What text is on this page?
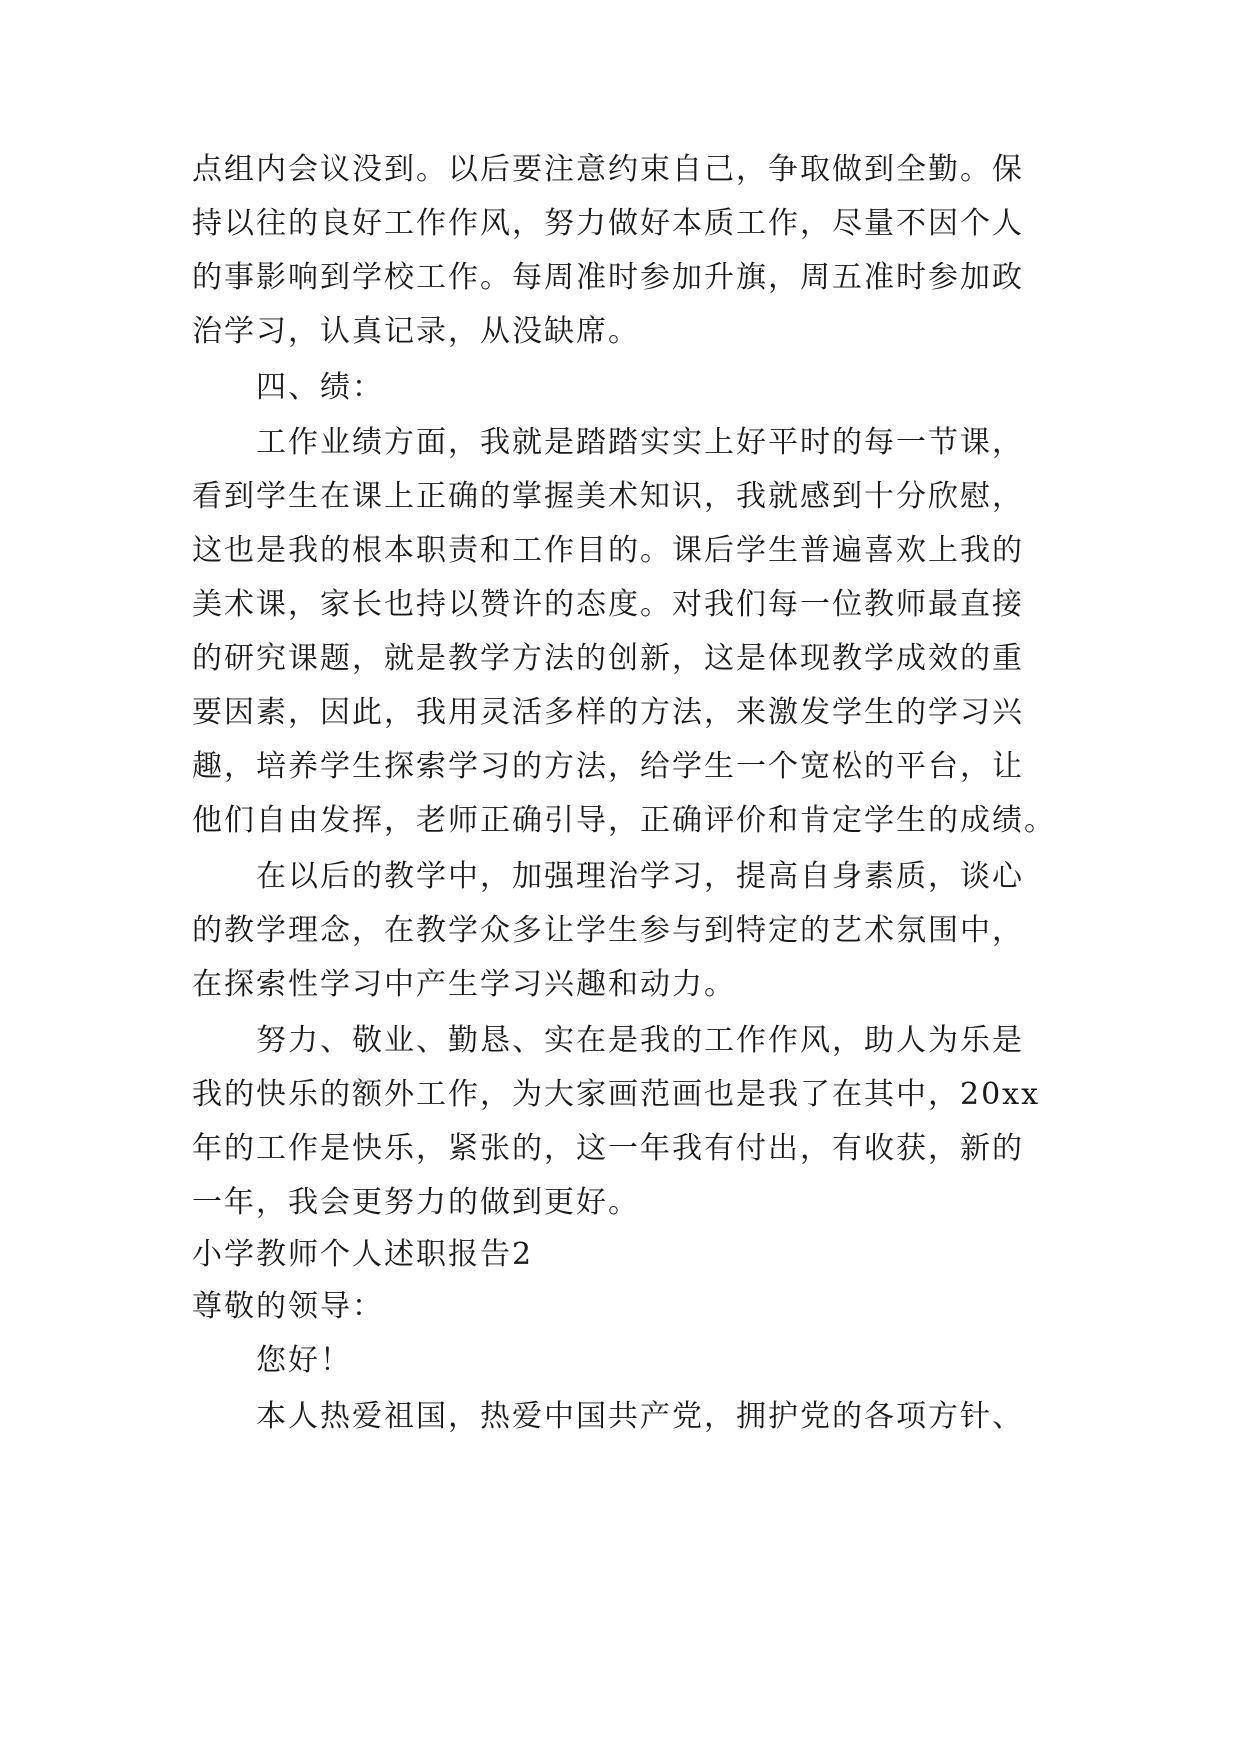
点组内会议没到。以后要注意约束自己，争取做到全勤。保
持以往的良好工作作风，努力做好本质工作，尽量不因个人
的事影响到学校工作。每周准时参加升旗，周五准时参加政
治学习，认真记录，从没缺席。
四、绩：
工作业绩方面，我就是踏踏实实上好平时的每一节课，
看到学生在课上正确的掌握美术知识，我就感到十分欣慰，
这也是我的根本职责和工作目的。课后学生普遍喜欢上我的
美术课，家长也持以赞许的态度。对我们每一位教师最直接
的研究课题，就是教学方法的创新，这是体现教学成效的重
要因素，因此，我用灵活多样的方法，来激发学生的学习兴
趣，培养学生探索学习的方法，给学生一个宽松的平台，让
他们自由发挥，老师正确引导，正确评价和肯定学生的成绩。
在以后的教学中，加强理治学习，提高自身素质，谈心
的教学理念，在教学众多让学生参与到特定的艺术氛围中，
在探索性学习中产生学习兴趣和动力。
努力、敬业、勤恳、实在是我的工作作风，助人为乐是
我的快乐的额外工作，为大家画范画也是我了在其中，20xx
年的工作是快乐，紧张的，这一年我有付出，有收获，新的
一年，我会更努力的做到更好。
小学教师个人述职报告2
尊敬的领导：
您好！
本人热爱祖国，热爱中国共产党，拥护党的各项方针、
